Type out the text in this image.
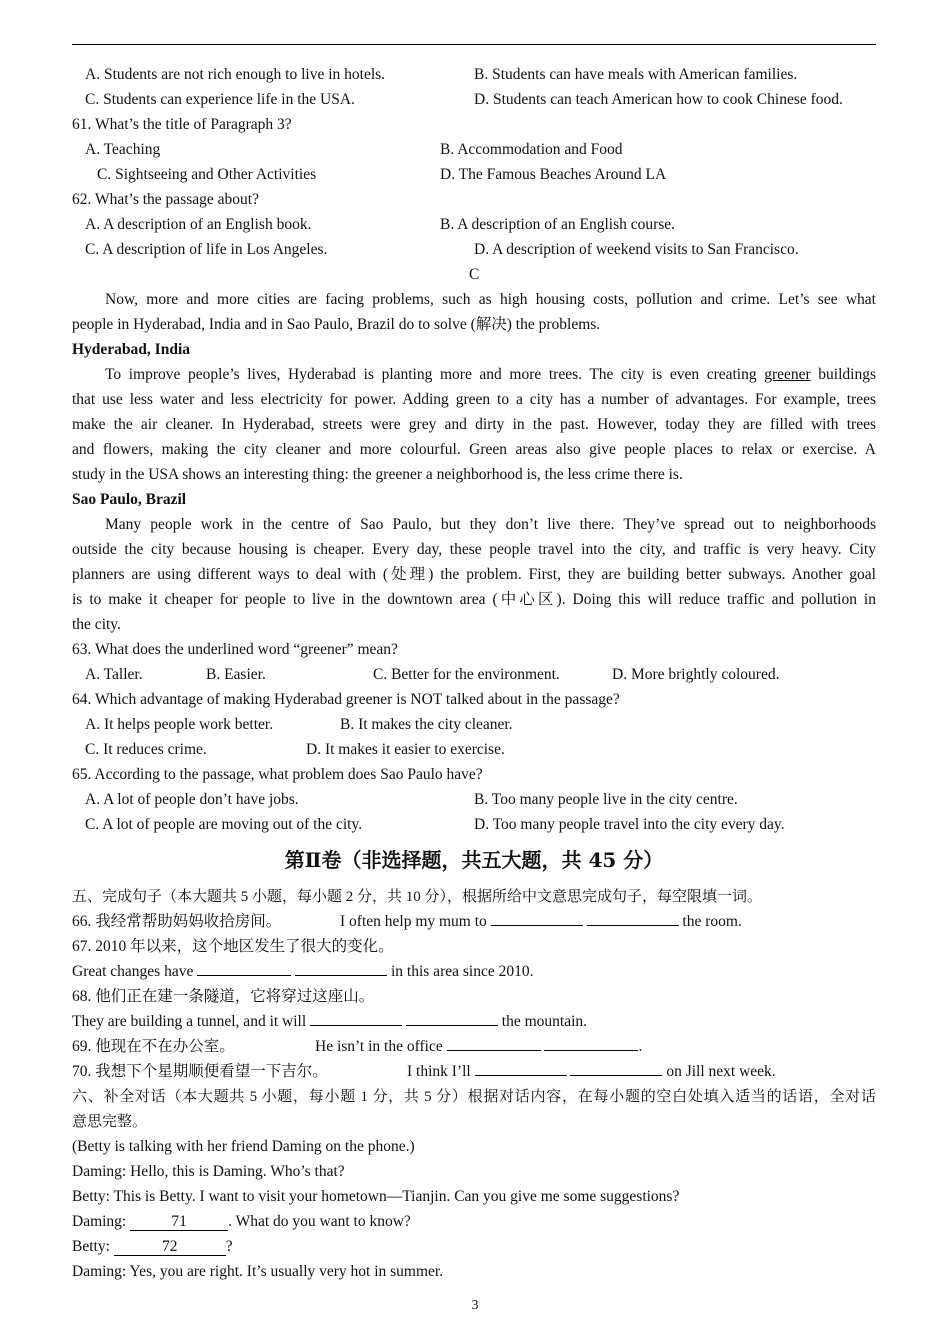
A. Students are not rich enough to live in hotels.	B. Students can have meals with American families.
C. Students can experience life in the USA.	D. Students can teach American how to cook Chinese food.
61. What’s the title of Paragraph 3?
A. Teaching	B. Accommodation and Food
C. Sightseeing and Other Activities	D. The Famous Beaches Around LA
62. What’s the passage about?
A. A description of an English book.	B. A description of an English course.
C. A description of life in Los Angeles.	D. A description of weekend visits to San Francisco.
C
Now, more and more cities are facing problems, such as high housing costs, pollution and crime. Let’s see what
people in Hyderabad, India and in Sao Paulo, Brazil do to solve (解决) the problems.
Hyderabad, India
To improve people’s lives, Hyderabad is planting more and more trees. The city is even creating greener buildings
that use less water and less electricity for power. Adding green to a city has a number of advantages. For example, trees
make the air cleaner. In Hyderabad, streets were grey and dirty in the past. However, today they are filled with trees
and flowers, making the city cleaner and more colourful. Green areas also give people places to relax or exercise. A
study in the USA shows an interesting thing: the greener a neighborhood is, the less crime there is.
Sao Paulo, Brazil
Many people work in the centre of Sao Paulo, but they don’t live there. They’ve spread out to neighborhoods
outside the city because housing is cheaper. Every day, these people travel into the city, and traffic is very heavy. City
planners are using different ways to deal with (处理) the problem. First, they are building better subways. Another goal
is to make it cheaper for people to live in the downtown area (中心区). Doing this will reduce traffic and pollution in
the city.
63. What does the underlined word “greener” mean?
A. Taller.	B. Easier.	C. Better for the environment.	D. More brightly coloured.
64. Which advantage of making Hyderabad greener is NOT talked about in the passage?
A. It helps people work better.	B. It makes the city cleaner.
C. It reduces crime.	D. It makes it easier to exercise.
65. According to the passage, what problem does Sao Paulo have?
A. A lot of people don’t have jobs.	B. Too many people live in the city centre.
C. A lot of people are moving out of the city.	D. Too many people travel into the city every day.
第Ⅱ卷（非选择题，共五大题，共 45 分）
五、完成句子（本大题共 5 小题，每小题 2 分，共 10 分），根据所给中文意思完成句子，每空限填一词。
66. 我经常帮助妈妈收拾房间。	I often help my mum to	the room.
67. 2010 年以来，这个地区发生了很大的变化。
Great changes have	in this area since 2010.
68. 他们正在建一条隧道，它将穿过这座山。
They are building a tunnel, and it will	the mountain.
69. 他现在不在办公室。	He isn’t in the office	.
70. 我想下个星期顺便看望一下吉尔。	I think I’ll	on Jill next week.
六、补全对话（本大题共 5 小题，每小题 1 分，共 5 分）根据对话内容，在每小题的空白处填入适当的话语，全对话
意思完整。
(Betty is talking with her friend Daming on the phone.)
Daming: Hello, this is Daming. Who’s that?
Betty: This is Betty. I want to visit your hometown—Tianjin. Can you give me some suggestions?
Daming:	71	. What do you want to know?
Betty:	72	?
Daming: Yes, you are right. It’s usually very hot in summer.
3
